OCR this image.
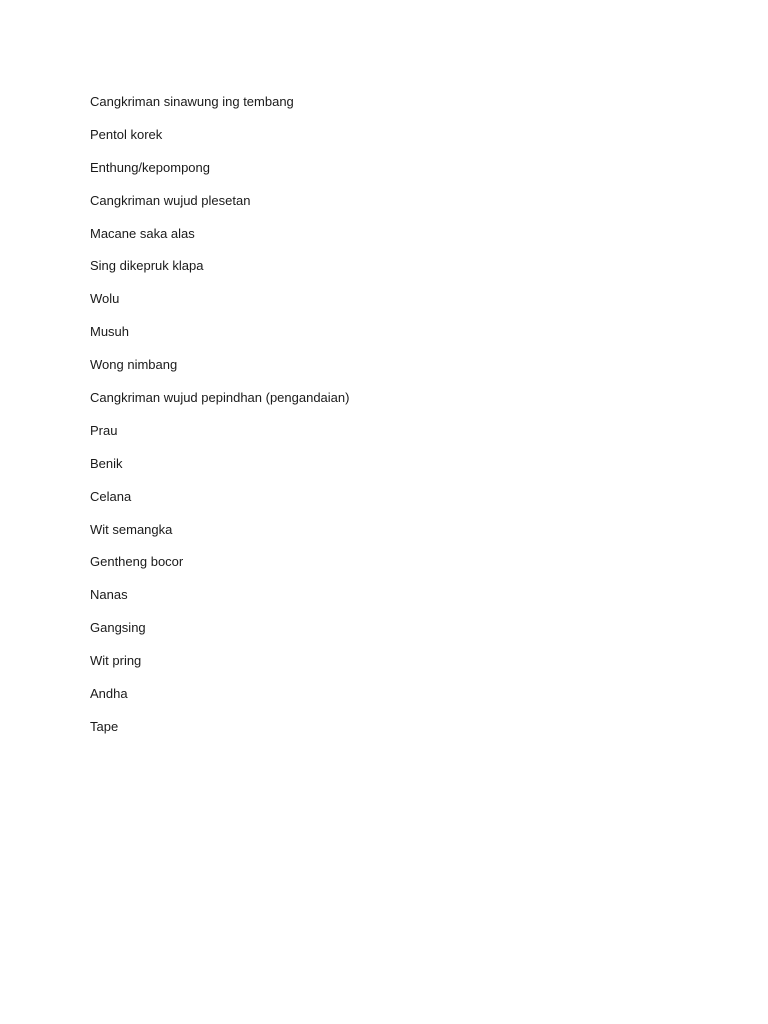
Cangkriman sinawung ing tembang
Pentol korek
Enthung/kepompong
Cangkriman wujud plesetan
Macane saka alas
Sing dikepruk klapa
Wolu
Musuh
Wong nimbang
Cangkriman wujud pepindhan (pengandaian)
Prau
Benik
Celana
Wit semangka
Gentheng bocor
Nanas
Gangsing
Wit pring
Andha
Tape
